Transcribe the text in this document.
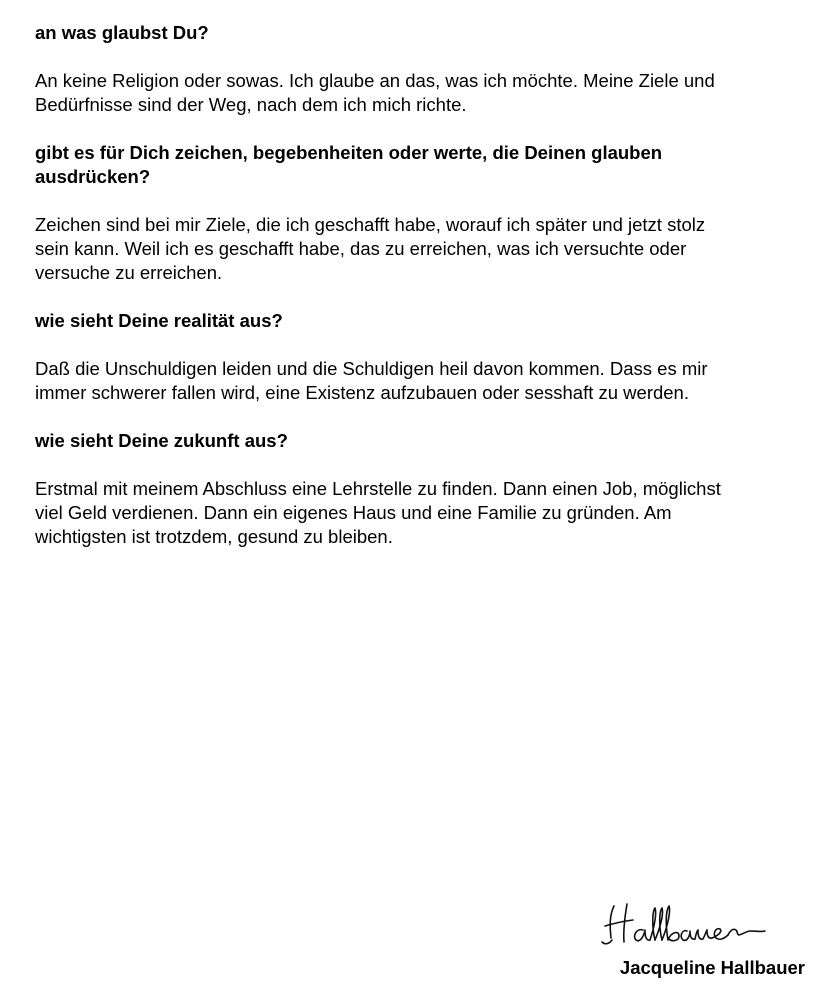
an was glaubst Du?

An keine Religion oder sowas. Ich glaube an das, was ich möchte. Meine Ziele und Bedürfnisse sind der Weg, nach dem ich mich richte.

gibt es für Dich zeichen, begebenheiten oder werte, die Deinen glauben ausdrücken?

Zeichen sind bei mir Ziele, die ich geschafft habe, worauf ich später und jetzt stolz sein kann. Weil ich es geschafft habe, das zu erreichen, was ich versuchte oder versuche zu erreichen.

wie sieht Deine realität aus?

Daß die Unschuldigen leiden und die Schuldigen heil davon kommen. Dass es mir immer schwerer fallen wird, eine Existenz aufzubauen oder sesshaft zu werden.

wie sieht Deine zukunft aus?

Erstmal mit meinem Abschluss eine Lehrstelle zu finden. Dann einen Job, möglichst viel Geld verdienen. Dann ein eigenes Haus und eine Familie zu gründen. Am wichtigsten ist trotzdem, gesund zu bleiben.

Jacqueline Hallbauer
